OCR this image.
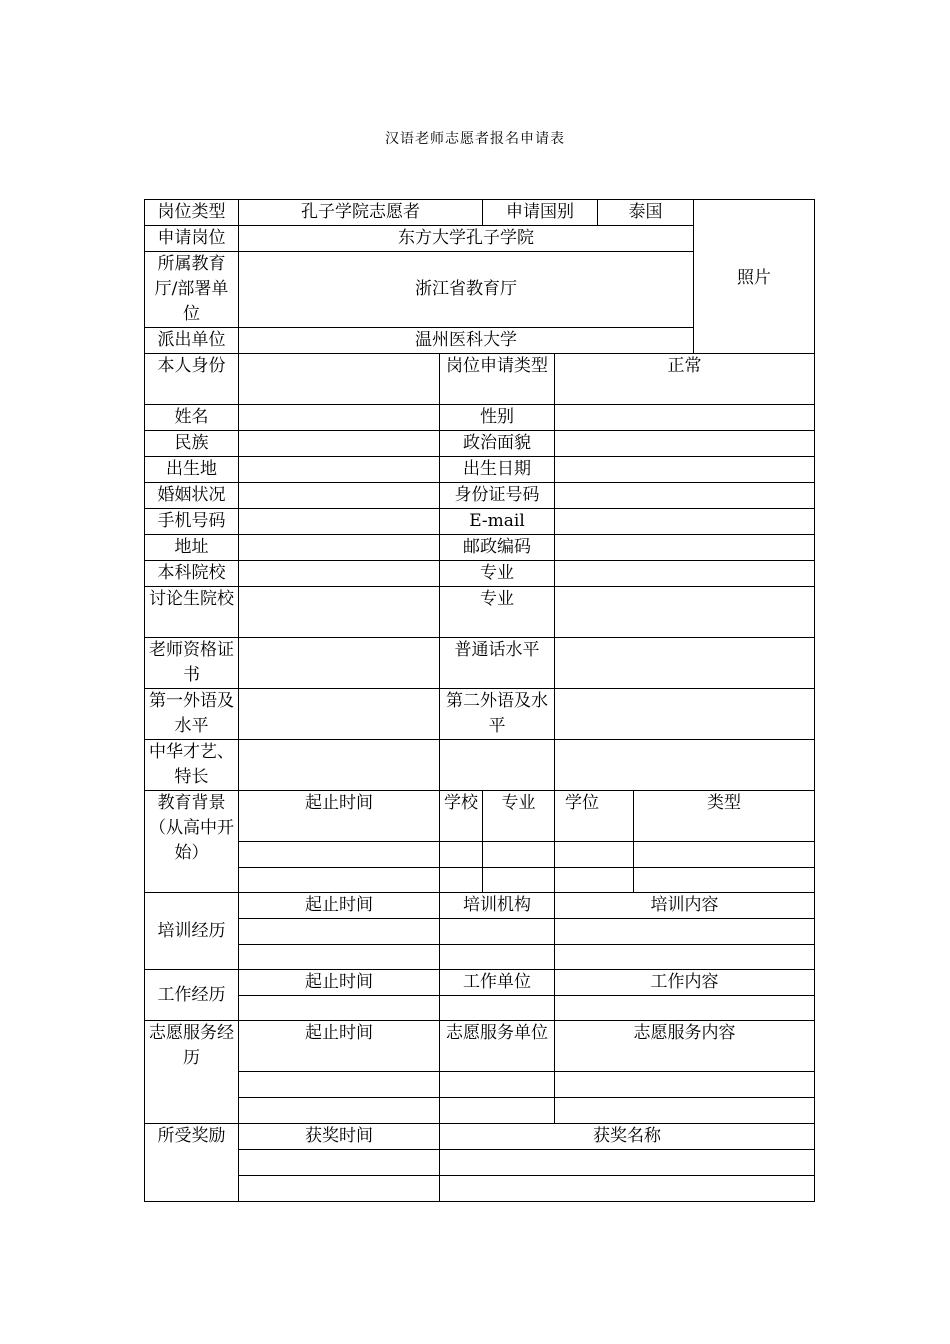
汉语老师志愿者报名申请表
岗位类型	孔子学院志愿者		申请国别		泰国		照片
申请岗位	东方大学孔子学院						
所属教育厅/部署单位	浙江省教育厅						
派出单位	温州医科大学						
本人身份		岗位申请类型		正常			
姓名		性别					
民族		政治面貌					
出生地		出生日期					
婚姻状况		身份证号码					
手机号码		E-mail					
地址		邮政编码					
本科院校		专业					
讨论生院校		专业					
老师资格证书		普通话水平					
第一外语及水平		第二外语及水平					
中华才艺、特长							
教育背景（从高中开始）	起止时间	学校	专业	学位		类型	

培训经历	起止时间	培训机构		培训内容			

工作经历	起止时间	工作单位		工作内容			

志愿服务经历	起止时间	志愿服务单位		志愿服务内容			

所受奖励	获奖时间	获奖名称					
